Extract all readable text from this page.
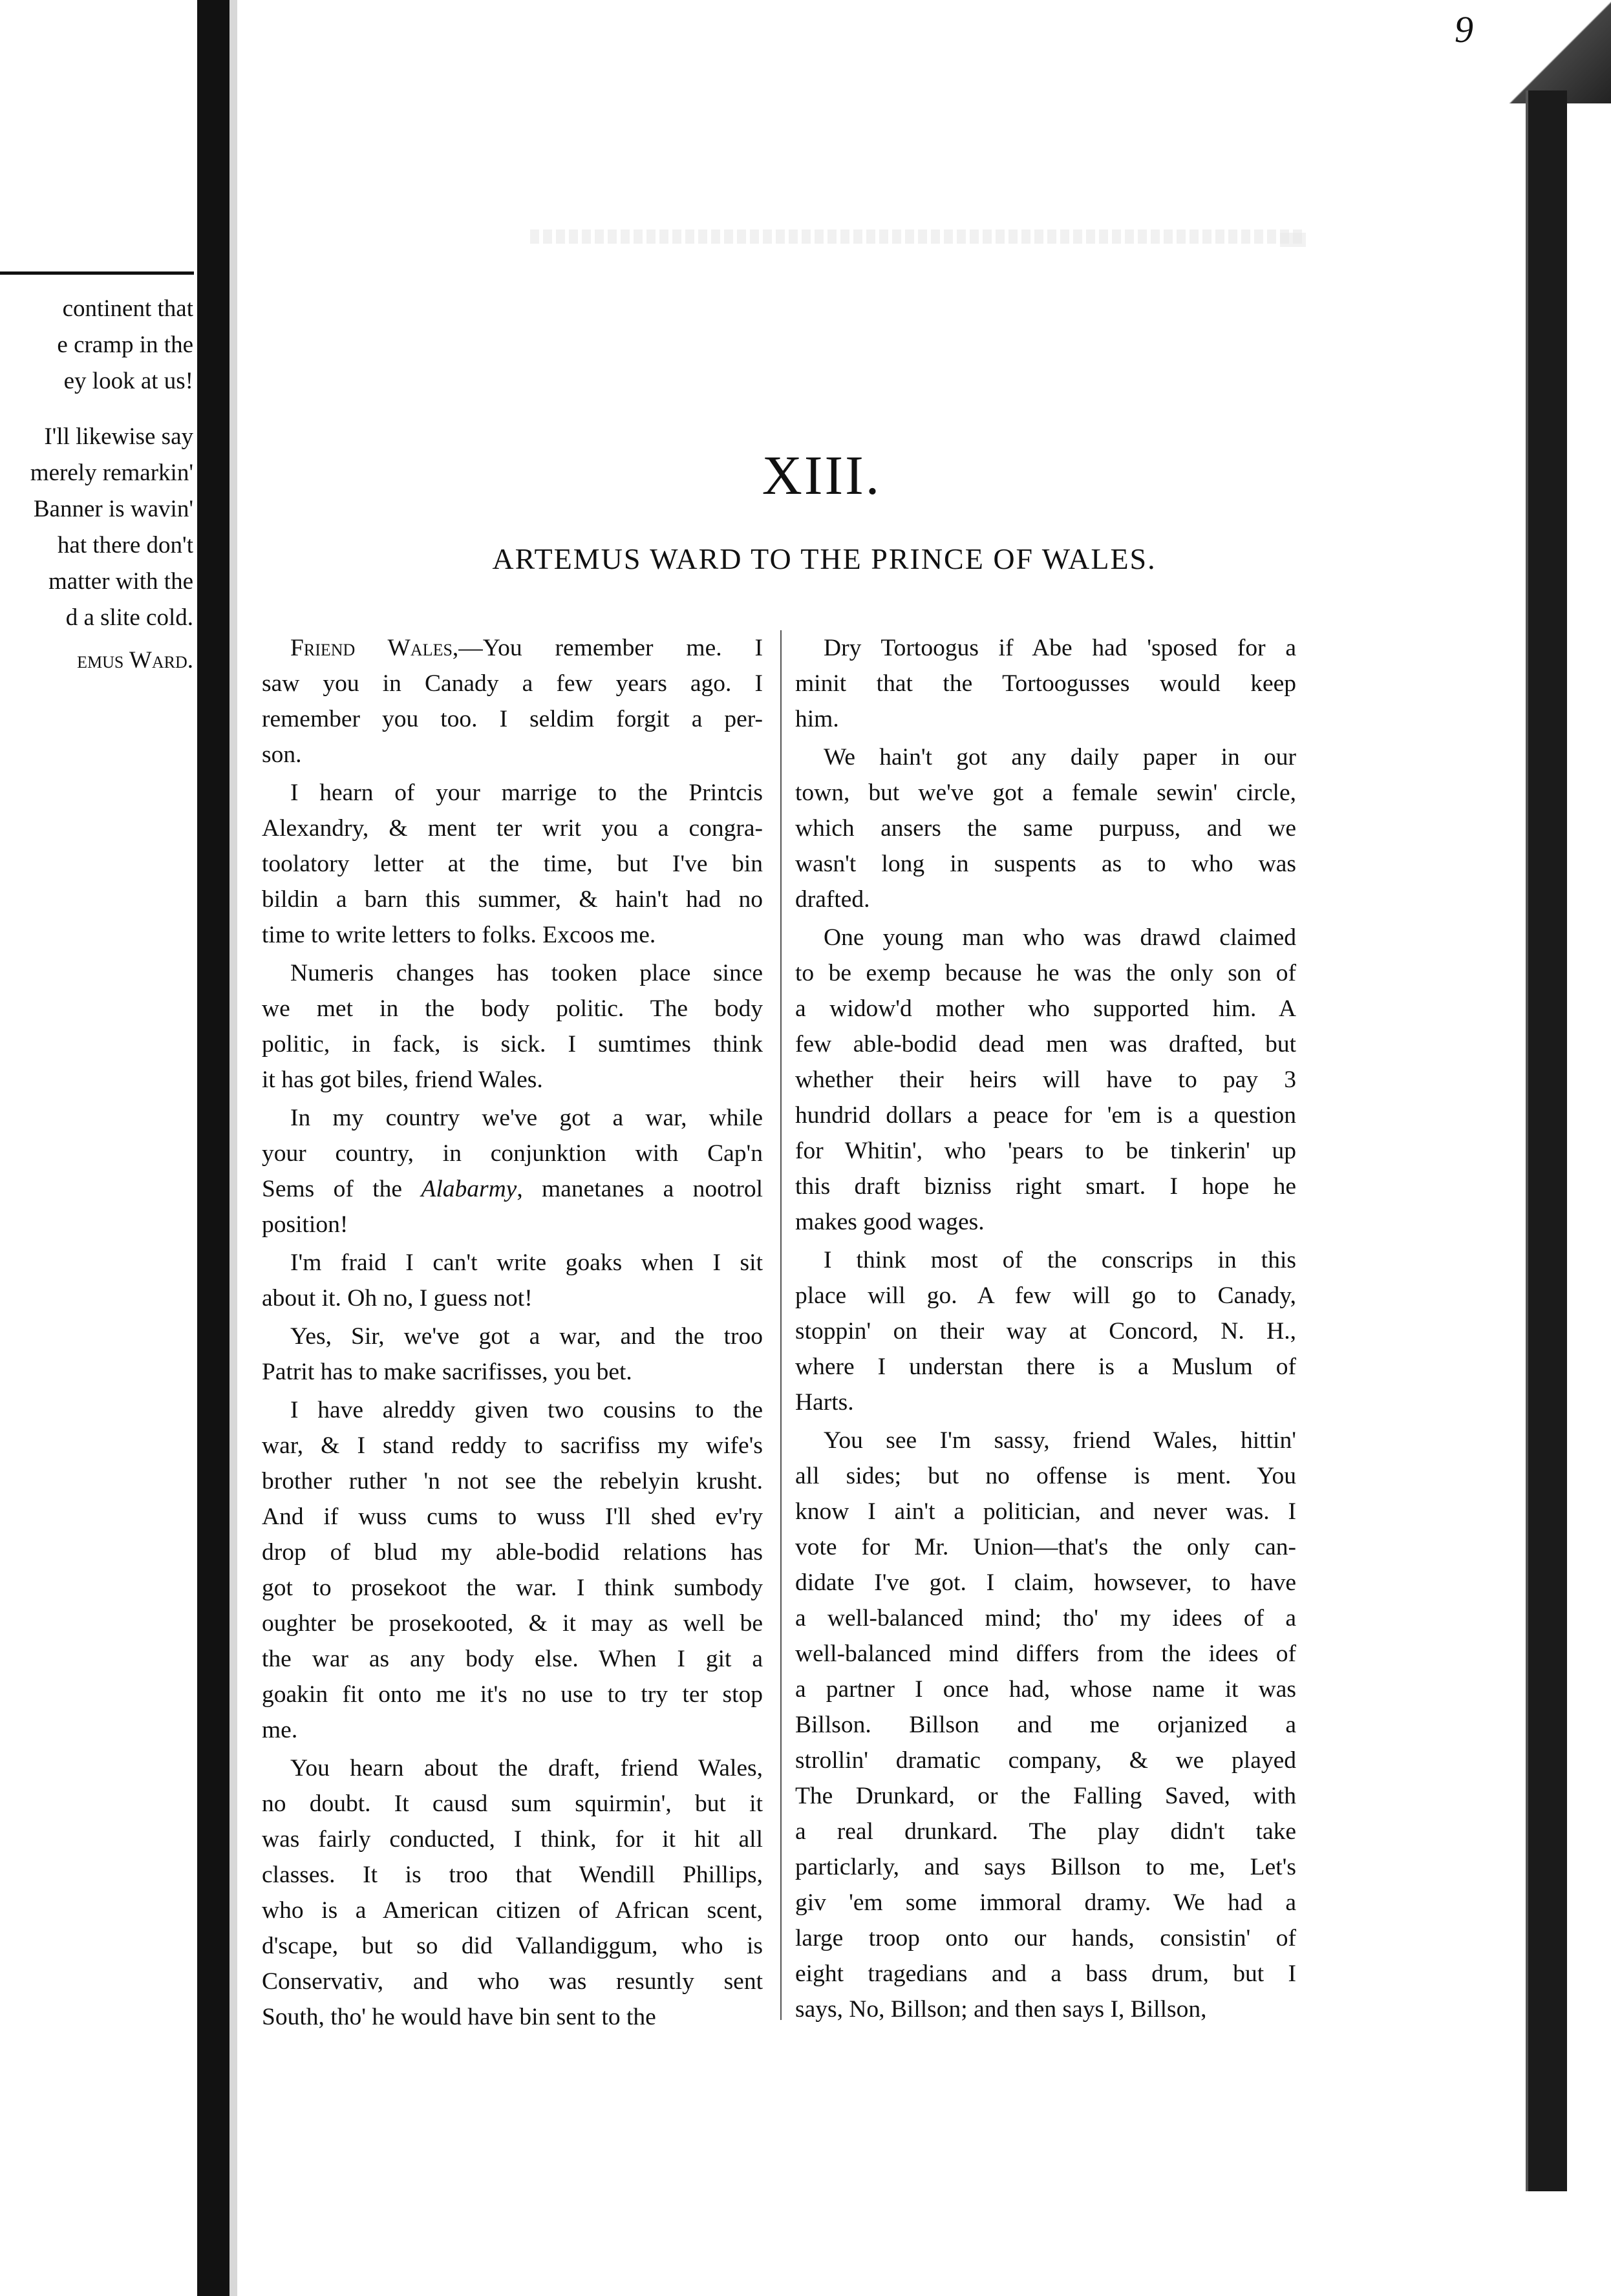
continent that
e cramp in the
ey look at us!
I'll likewise say
merely remarkin'
Banner is wavin'
hat there don't
matter with the
d a slite cold.
emus Ward.
9
XIII.
ARTEMUS WARD TO THE PRINCE OF WALES.
Friend Wales,—You remember me. I
saw you in Canady a few years ago. I
remember you too. I seldim forgit a per-
son.
I hearn of your marrige to the Printcis
Alexandry, & ment ter writ you a congra-
toolatory letter at the time, but I've bin
bildin a barn this summer, & hain't had no
time to write letters to folks. Excoos me.
Numeris changes has tooken place since
we met in the body politic. The body
politic, in fack, is sick. I sumtimes think
it has got biles, friend Wales.
In my country we've got a war, while
your country, in conjunktion with Cap'n
Sems of the Alabarmy, manetanes a nootrol
position!
I'm fraid I can't write goaks when I sit
about it. Oh no, I guess not!
Yes, Sir, we've got a war, and the troo
Patrit has to make sacrifisses, you bet.
I have alreddy given two cousins to the
war, & I stand reddy to sacrifiss my wife's
brother ruther 'n not see the rebelyin krusht.
And if wuss cums to wuss I'll shed ev'ry
drop of blud my able-bodid relations has
got to prosekoot the war. I think sumbody
oughter be prosekooted, & it may as well be
the war as any body else. When I git a
goakin fit onto me it's no use to try ter stop
me.
You hearn about the draft, friend Wales,
no doubt. It causd sum squirmin', but it
was fairly conducted, I think, for it hit all
classes. It is troo that Wendill Phillips,
who is a American citizen of African scent,
d'scape, but so did Vallandiggum, who is
Conservativ, and who was resuntly sent
South, tho' he would have bin sent to the
Dry Tortoogus if Abe had 'sposed for a
minit that the Tortoogusses would keep
him.
We hain't got any daily paper in our
town, but we've got a female sewin' circle,
which ansers the same purpuss, and we
wasn't long in suspents as to who was
drafted.
One young man who was drawd claimed
to be exemp because he was the only son of
a widow'd mother who supported him. A
few able-bodid dead men was drafted, but
whether their heirs will have to pay 3
hundrid dollars a peace for 'em is a question
for Whitin', who 'pears to be tinkerin' up
this draft bizniss right smart. I hope he
makes good wages.
I think most of the conscrips in this
place will go. A few will go to Canady,
stoppin' on their way at Concord, N. H.,
where I understan there is a Muslum of
Harts.
You see I'm sassy, friend Wales, hittin'
all sides; but no offense is ment. You
know I ain't a politician, and never was. I
vote for Mr. Union—that's the only can-
didate I've got. I claim, howsever, to have
a well-balanced mind; tho' my idees of a
well-balanced mind differs from the idees of
a partner I once had, whose name it was
Billson. Billson and me orjanized a
strollin' dramatic company, & we played
The Drunkard, or the Falling Saved, with
a real drunkard. The play didn't take
particlarly, and says Billson to me, Let's
giv 'em some immoral dramy. We had a
large troop onto our hands, consistin' of
eight tragedians and a bass drum, but I
says, No, Billson; and then says I, Billson,
